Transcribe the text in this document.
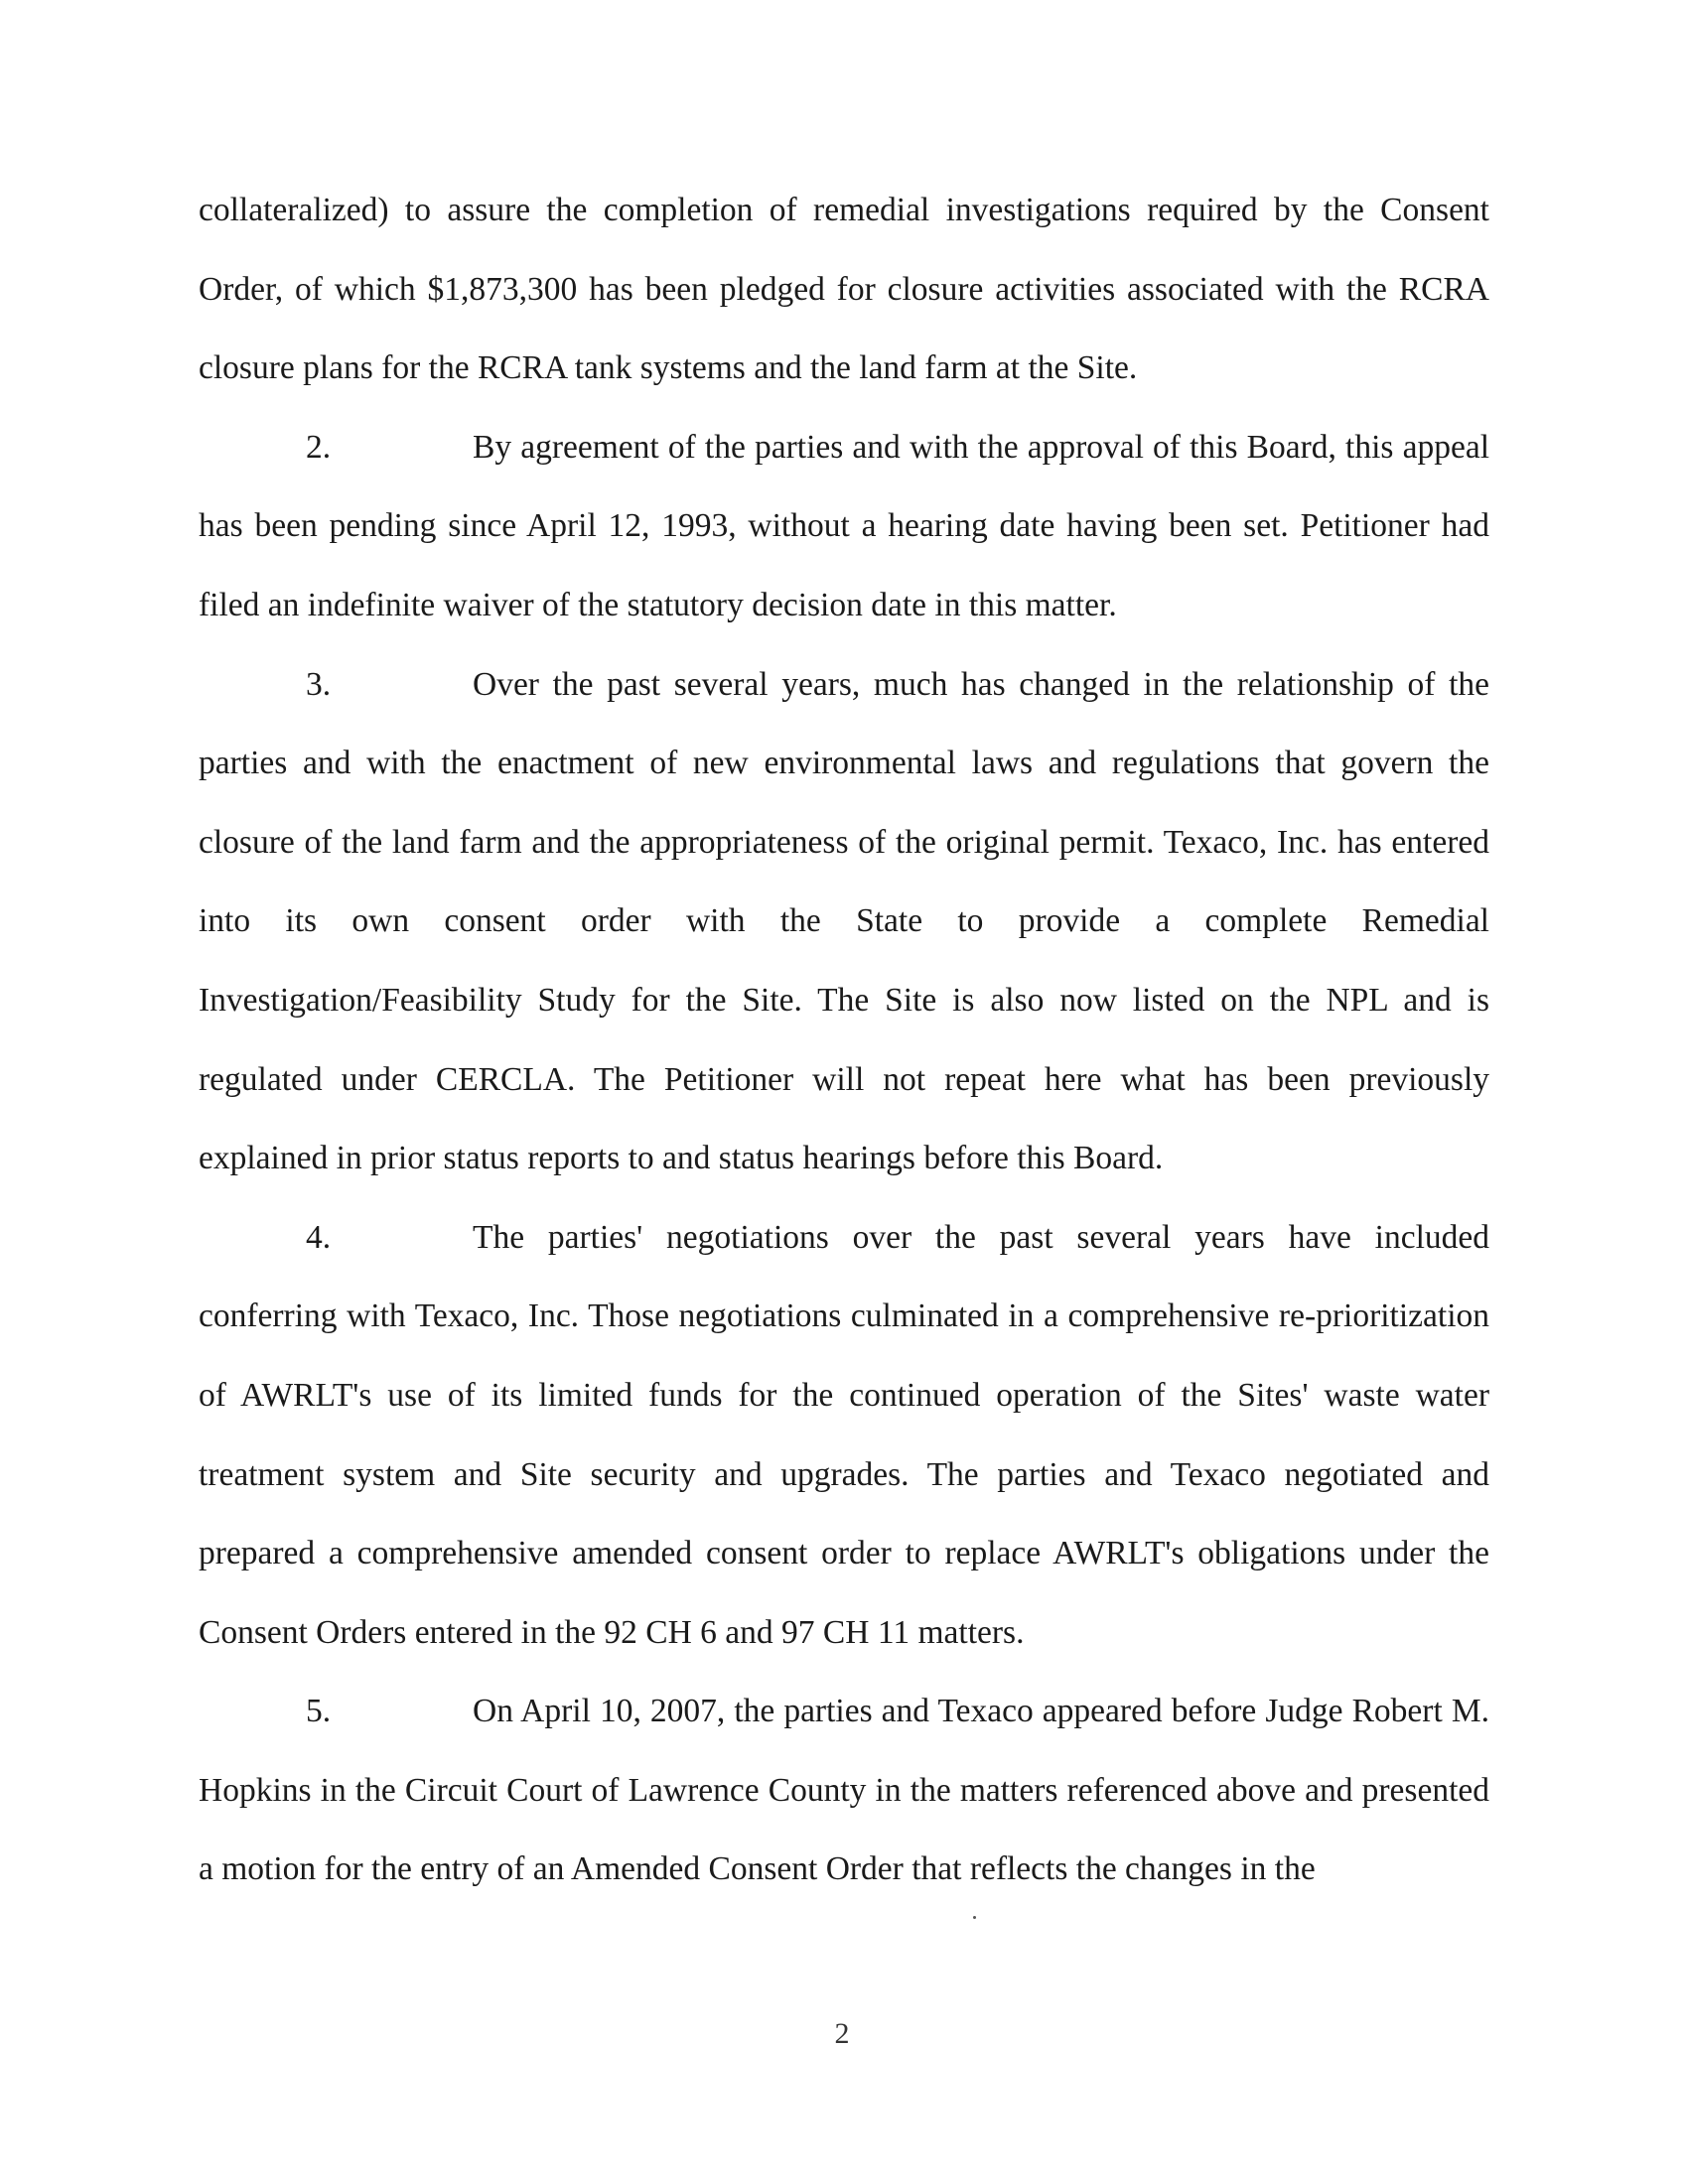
collateralized) to assure the completion of remedial investigations required by the Consent Order, of which $1,873,300 has been pledged for closure activities associated with the RCRA closure plans for the RCRA tank systems and the land farm at the Site.

2.	By agreement of the parties and with the approval of this Board, this appeal has been pending since April 12, 1993, without a hearing date having been set. Petitioner had filed an indefinite waiver of the statutory decision date in this matter.

3.	Over the past several years, much has changed in the relationship of the parties and with the enactment of new environmental laws and regulations that govern the closure of the land farm and the appropriateness of the original permit. Texaco, Inc. has entered into its own consent order with the State to provide a complete Remedial Investigation/Feasibility Study for the Site. The Site is also now listed on the NPL and is regulated under CERCLA. The Petitioner will not repeat here what has been previously explained in prior status reports to and status hearings before this Board.

4.	The parties' negotiations over the past several years have included conferring with Texaco, Inc. Those negotiations culminated in a comprehensive re-prioritization of AWRLT's use of its limited funds for the continued operation of the Sites' waste water treatment system and Site security and upgrades. The parties and Texaco negotiated and prepared a comprehensive amended consent order to replace AWRLT's obligations under the Consent Orders entered in the 92 CH 6 and 97 CH 11 matters.

5.	On April 10, 2007, the parties and Texaco appeared before Judge Robert M. Hopkins in the Circuit Court of Lawrence County in the matters referenced above and presented a motion for the entry of an Amended Consent Order that reflects the changes in the

2
